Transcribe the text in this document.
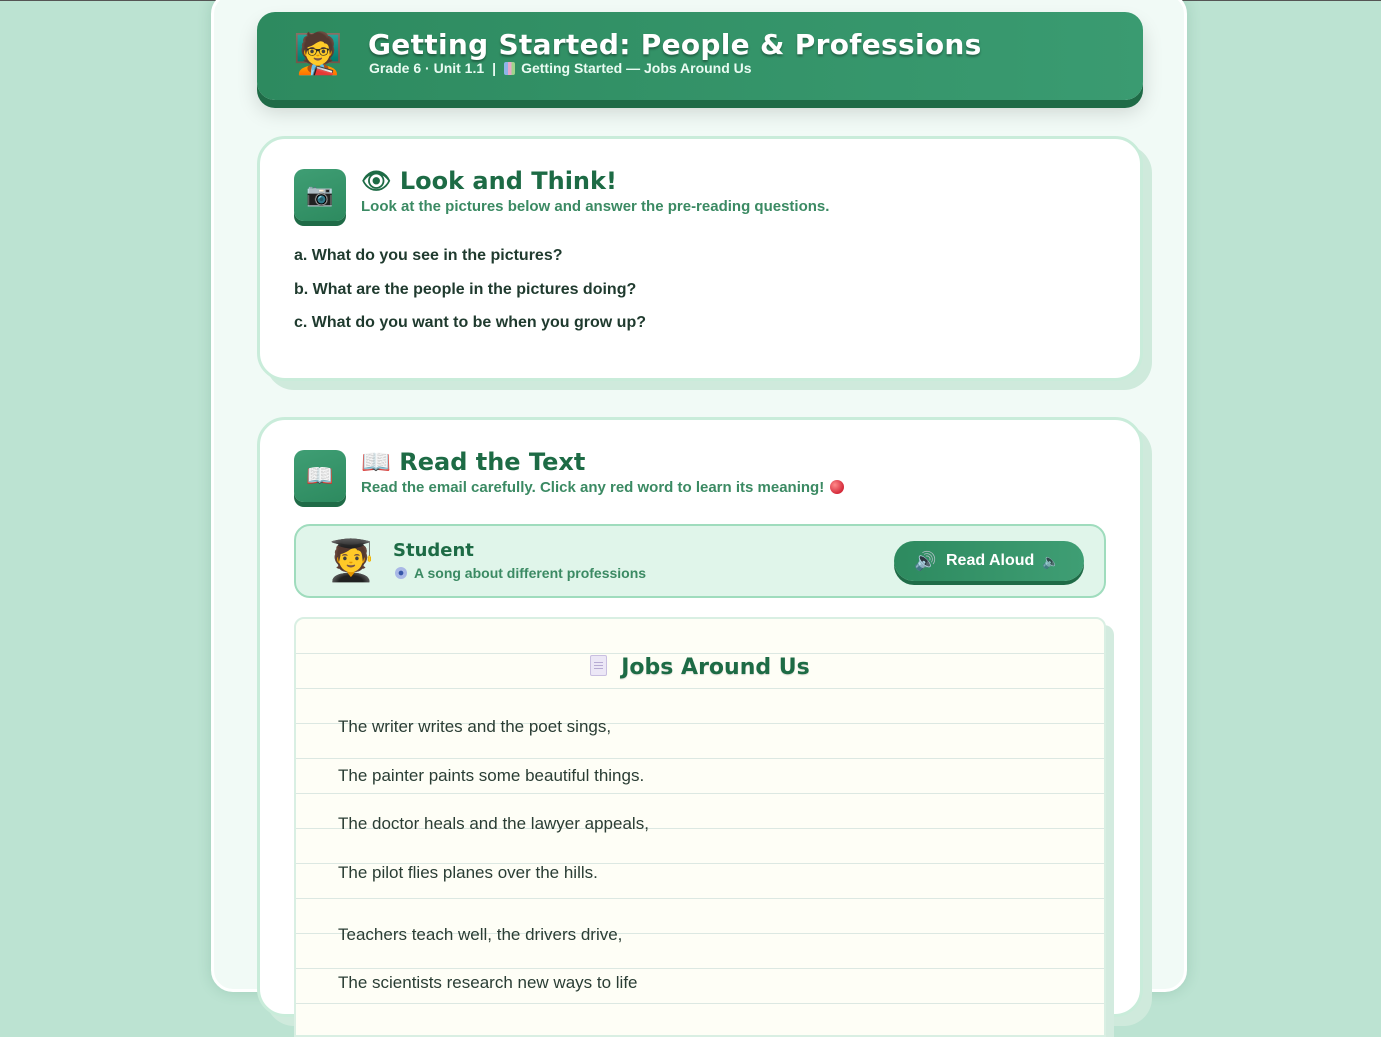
🧑‍🏫 Getting Started: People & Professions
Grade 6 · Unit 1.1 | Getting Started — Jobs Around Us
📷	👁 Look and Think!
Look at the pictures below and answer the pre-reading questions.
a. What do you see in the pictures?
b. What are the people in the pictures doing?
c. What do you want to be when you grow up?
📖	📖 Read the Text
Read the email carefully. Click any red word to learn its meaning!
🧑‍🎓 Student
A song about different professions
🔊 Read Aloud 🔈
Jobs Around Us
The writer writes and the poet sings,
The painter paints some beautiful things.
The doctor heals and the lawyer appeals,
The pilot flies planes over the hills.
Teachers teach well, the drivers drive,
The scientists research new ways to life
